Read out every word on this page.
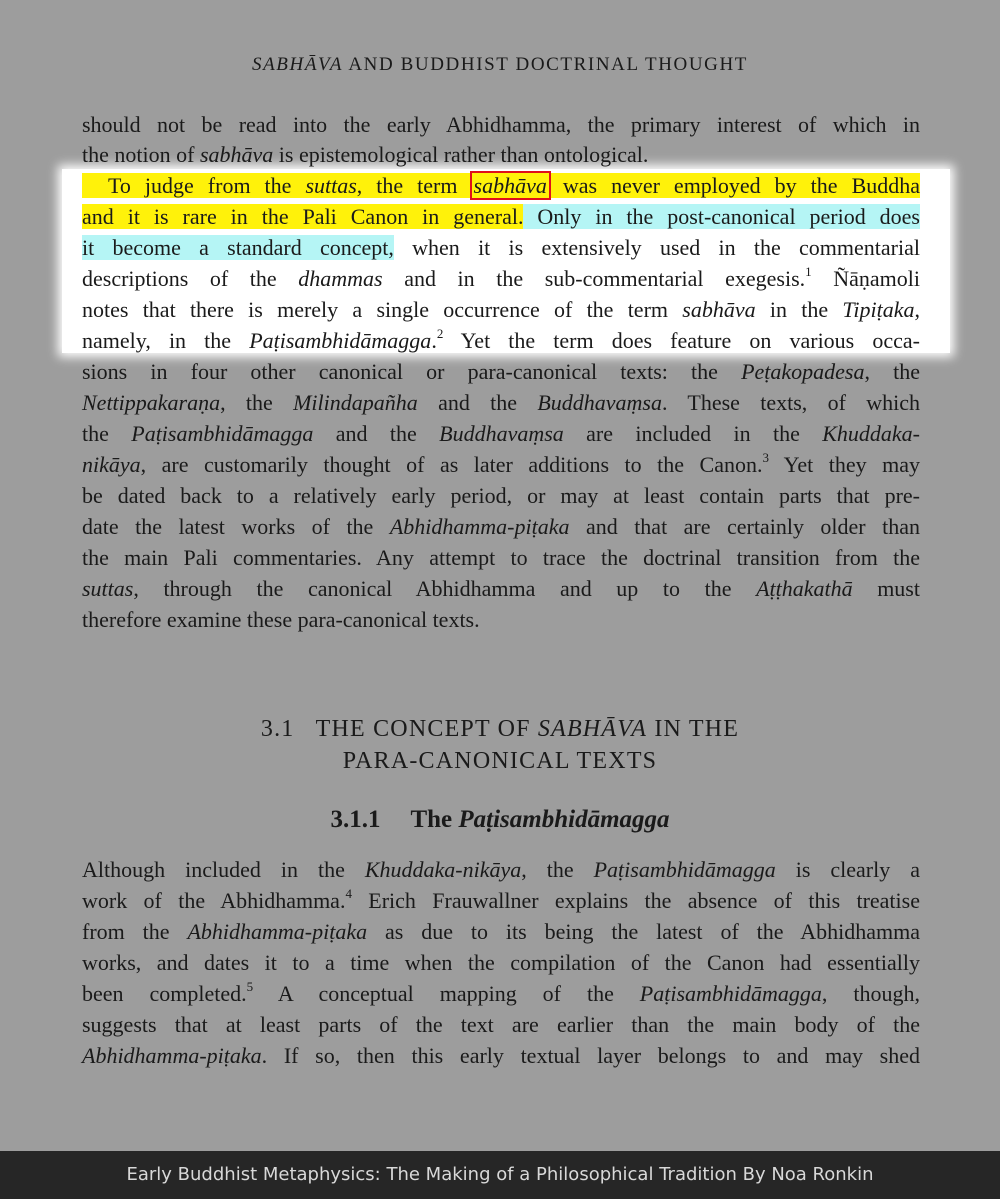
SABHĀVA AND BUDDHIST DOCTRINAL THOUGHT
should not be read into the early Abhidhamma, the primary interest of which in
the notion of sabhāva is epistemological rather than ontological.
To judge from the suttas, the term sabhāva was never employed by the Buddha
and it is rare in the Pali Canon in general. Only in the post-canonical period does
it become a standard concept, when it is extensively used in the commentarial
descriptions of the dhammas and in the sub-commentarial exegesis.$^1$ Ñāṇamoli
notes that there is merely a single occurrence of the term sabhāva in the Tipiṭaka,
namely, in the Paṭisambhidāmagga.$^2$ Yet the term does feature on various occa-
sions in four other canonical or para-canonical texts: the Peṭakopadesa, the
Nettippakaraṇa, the Milindapañha and the Buddhavaṃsa. These texts, of which
the Paṭisambhidāmagga and the Buddhavaṃsa are included in the Khuddaka-
nikāya, are customarily thought of as later additions to the Canon.$^3$ Yet they may
be dated back to a relatively early period, or may at least contain parts that pre-
date the latest works of the Abhidhamma-piṭaka and that are certainly older than
the main Pali commentaries. Any attempt to trace the doctrinal transition from the
suttas, through the canonical Abhidhamma and up to the Aṭṭhakathā must
therefore examine these para-canonical texts.
3.1   THE CONCEPT OF SABHĀVA IN THE
PARA-CANONICAL TEXTS
3.1.1 The Paṭisambhidāmagga
Although included in the Khuddaka-nikāya, the Paṭisambhidāmagga is clearly a
work of the Abhidhamma.$^4$ Erich Frauwallner explains the absence of this treatise
from the Abhidhamma-piṭaka as due to its being the latest of the Abhidhamma
works, and dates it to a time when the compilation of the Canon had essentially
been completed.$^5$ A conceptual mapping of the Paṭisambhidāmagga, though,
suggests that at least parts of the text are earlier than the main body of the
Abhidhamma-piṭaka. If so, then this early textual layer belongs to and may shed
Early Buddhist Metaphysics: The Making of a Philosophical Tradition By Noa Ronkin
